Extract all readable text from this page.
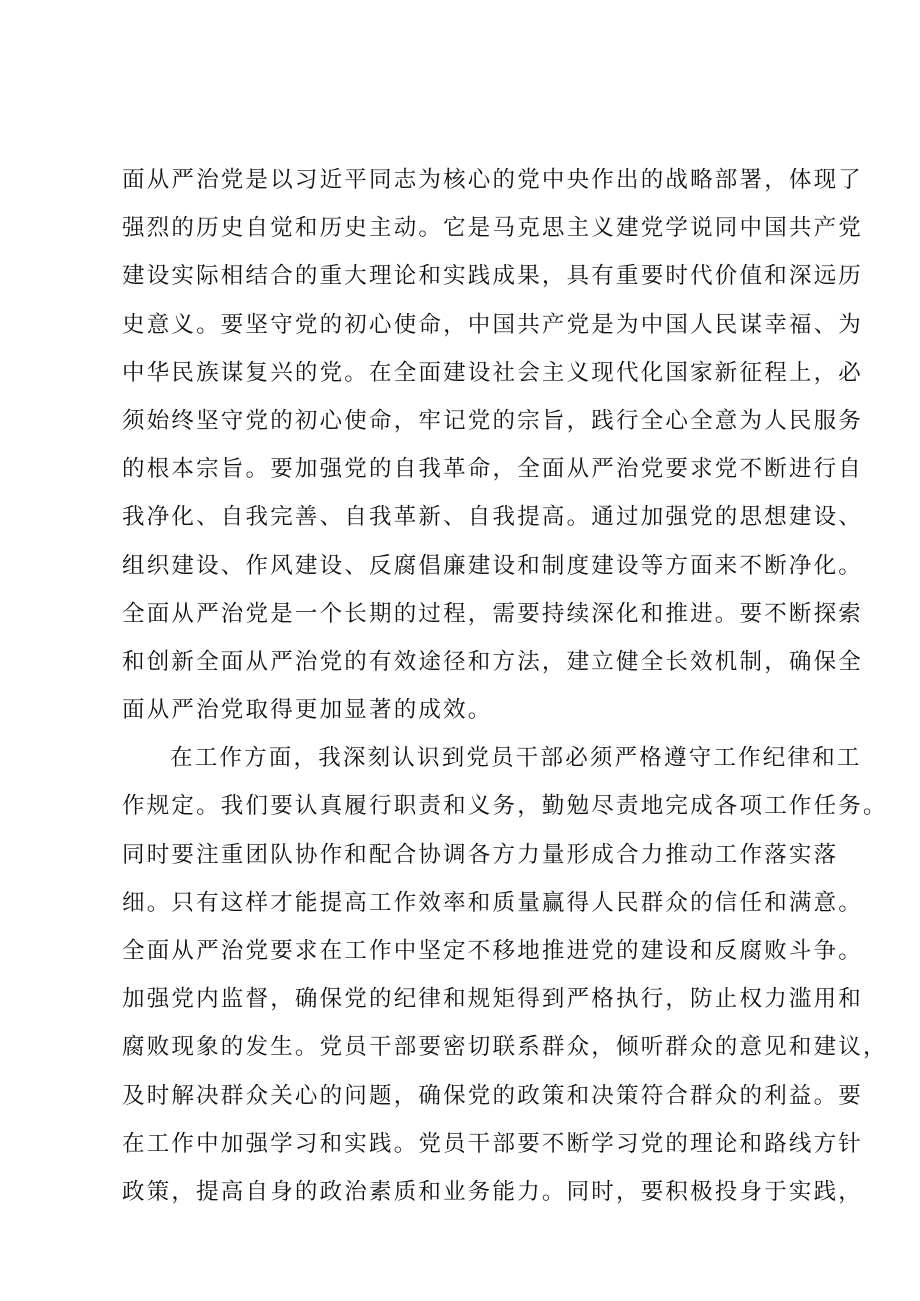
面从严治党是以习近平同志为核心的党中央作出的战略部署，体现了
强烈的历史自觉和历史主动。它是马克思主义建党学说同中国共产党
建设实际相结合的重大理论和实践成果，具有重要时代价值和深远历
史意义。要坚守党的初心使命，中国共产党是为中国人民谋幸福、为
中华民族谋复兴的党。在全面建设社会主义现代化国家新征程上，必
须始终坚守党的初心使命，牢记党的宗旨，践行全心全意为人民服务
的根本宗旨。要加强党的自我革命，全面从严治党要求党不断进行自
我净化、自我完善、自我革新、自我提高。通过加强党的思想建设、
组织建设、作风建设、反腐倡廉建设和制度建设等方面来不断净化。
全面从严治党是一个长期的过程，需要持续深化和推进。要不断探索
和创新全面从严治党的有效途径和方法，建立健全长效机制，确保全
面从严治党取得更加显著的成效。
在工作方面，我深刻认识到党员干部必须严格遵守工作纪律和工
作规定。我们要认真履行职责和义务，勤勉尽责地完成各项工作任务。
同时要注重团队协作和配合协调各方力量形成合力推动工作落实落
细。只有这样才能提高工作效率和质量赢得人民群众的信任和满意。
全面从严治党要求在工作中坚定不移地推进党的建设和反腐败斗争。
加强党内监督，确保党的纪律和规矩得到严格执行，防止权力滥用和
腐败现象的发生。党员干部要密切联系群众，倾听群众的意见和建议，
及时解决群众关心的问题，确保党的政策和决策符合群众的利益。要
在工作中加强学习和实践。党员干部要不断学习党的理论和路线方针
政策，提高自身的政治素质和业务能力。同时，要积极投身于实践，
